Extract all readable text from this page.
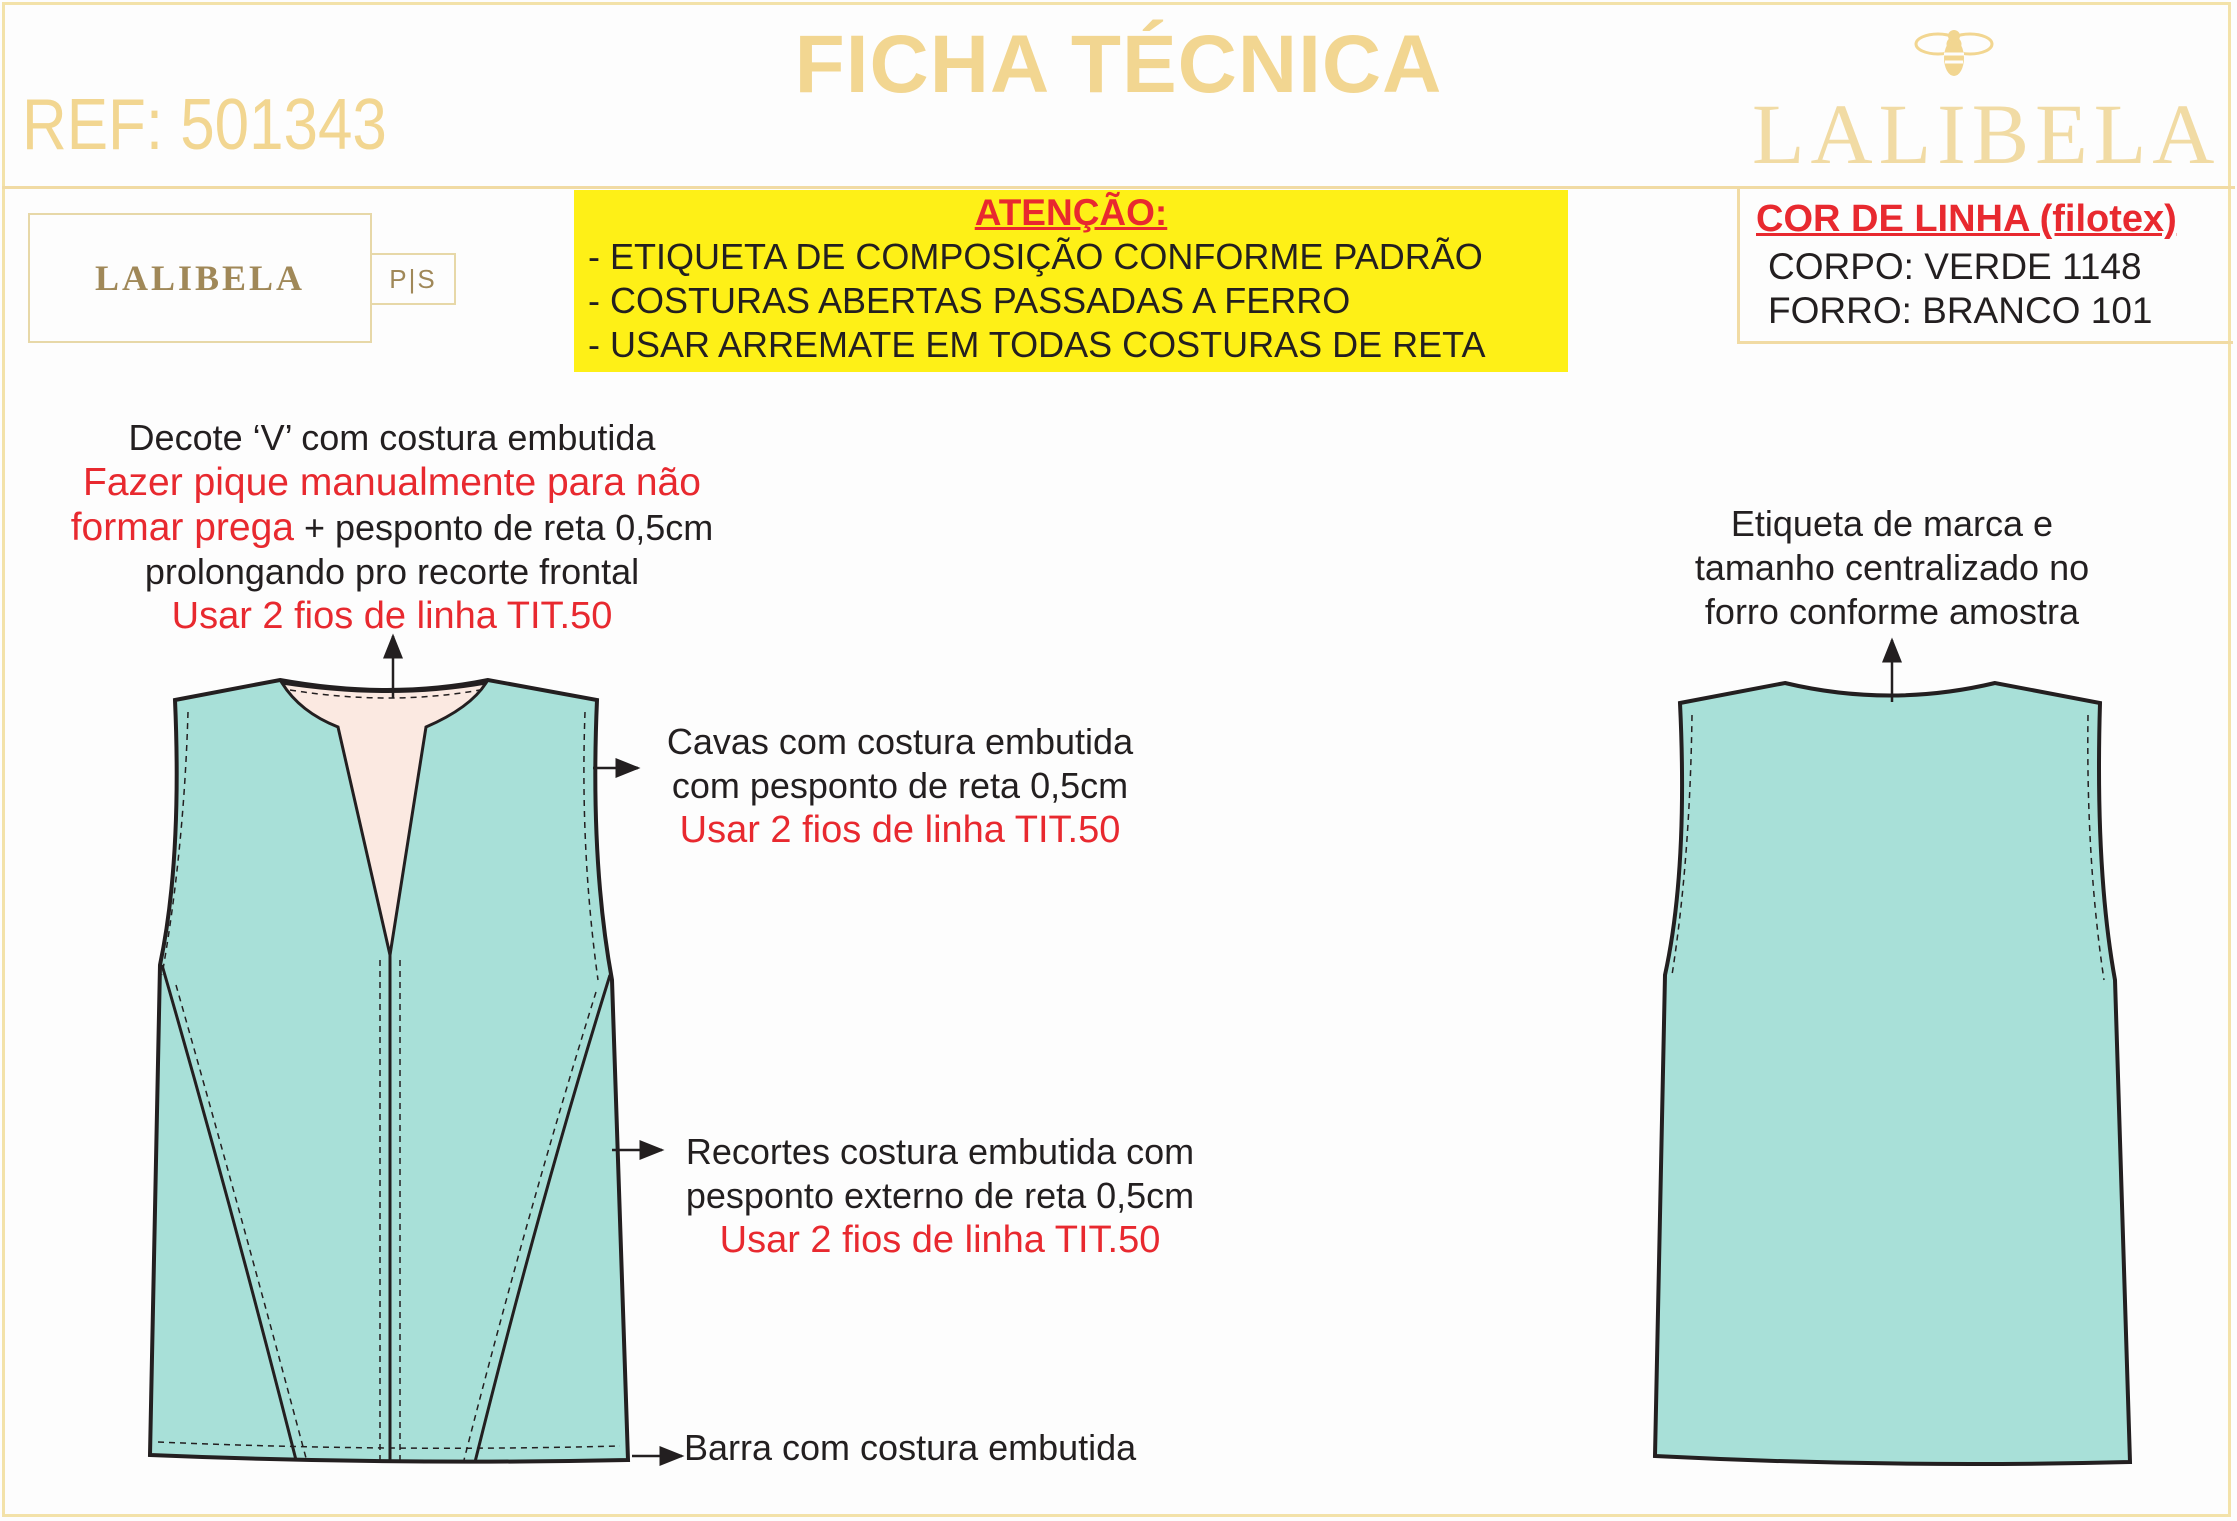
FICHA TÉCNICA
REF: 501343	LALIBELA
LALIBELA	P|S
ATENÇÃO:
- ETIQUETA DE COMPOSIÇÃO CONFORME PADRÃO
- COSTURAS ABERTAS PASSADAS A FERRO
- USAR ARREMATE EM TODAS COSTURAS DE RETA
COR DE LINHA (filotex)
CORPO: VERDE 1148
FORRO: BRANCO 101
Decote ‘V’ com costura embutida
Fazer pique manualmente para não
formar prega + pesponto de reta 0,5cm
prolongando pro recorte frontal
Usar 2 fios de linha TIT.50
Cavas com costura embutida
com pesponto de reta 0,5cm
Usar 2 fios de linha TIT.50
Recortes costura embutida com
pesponto externo de reta 0,5cm
Usar 2 fios de linha TIT.50
Barra com costura embutida
Etiqueta de marca e
tamanho centralizado no
forro conforme amostra
